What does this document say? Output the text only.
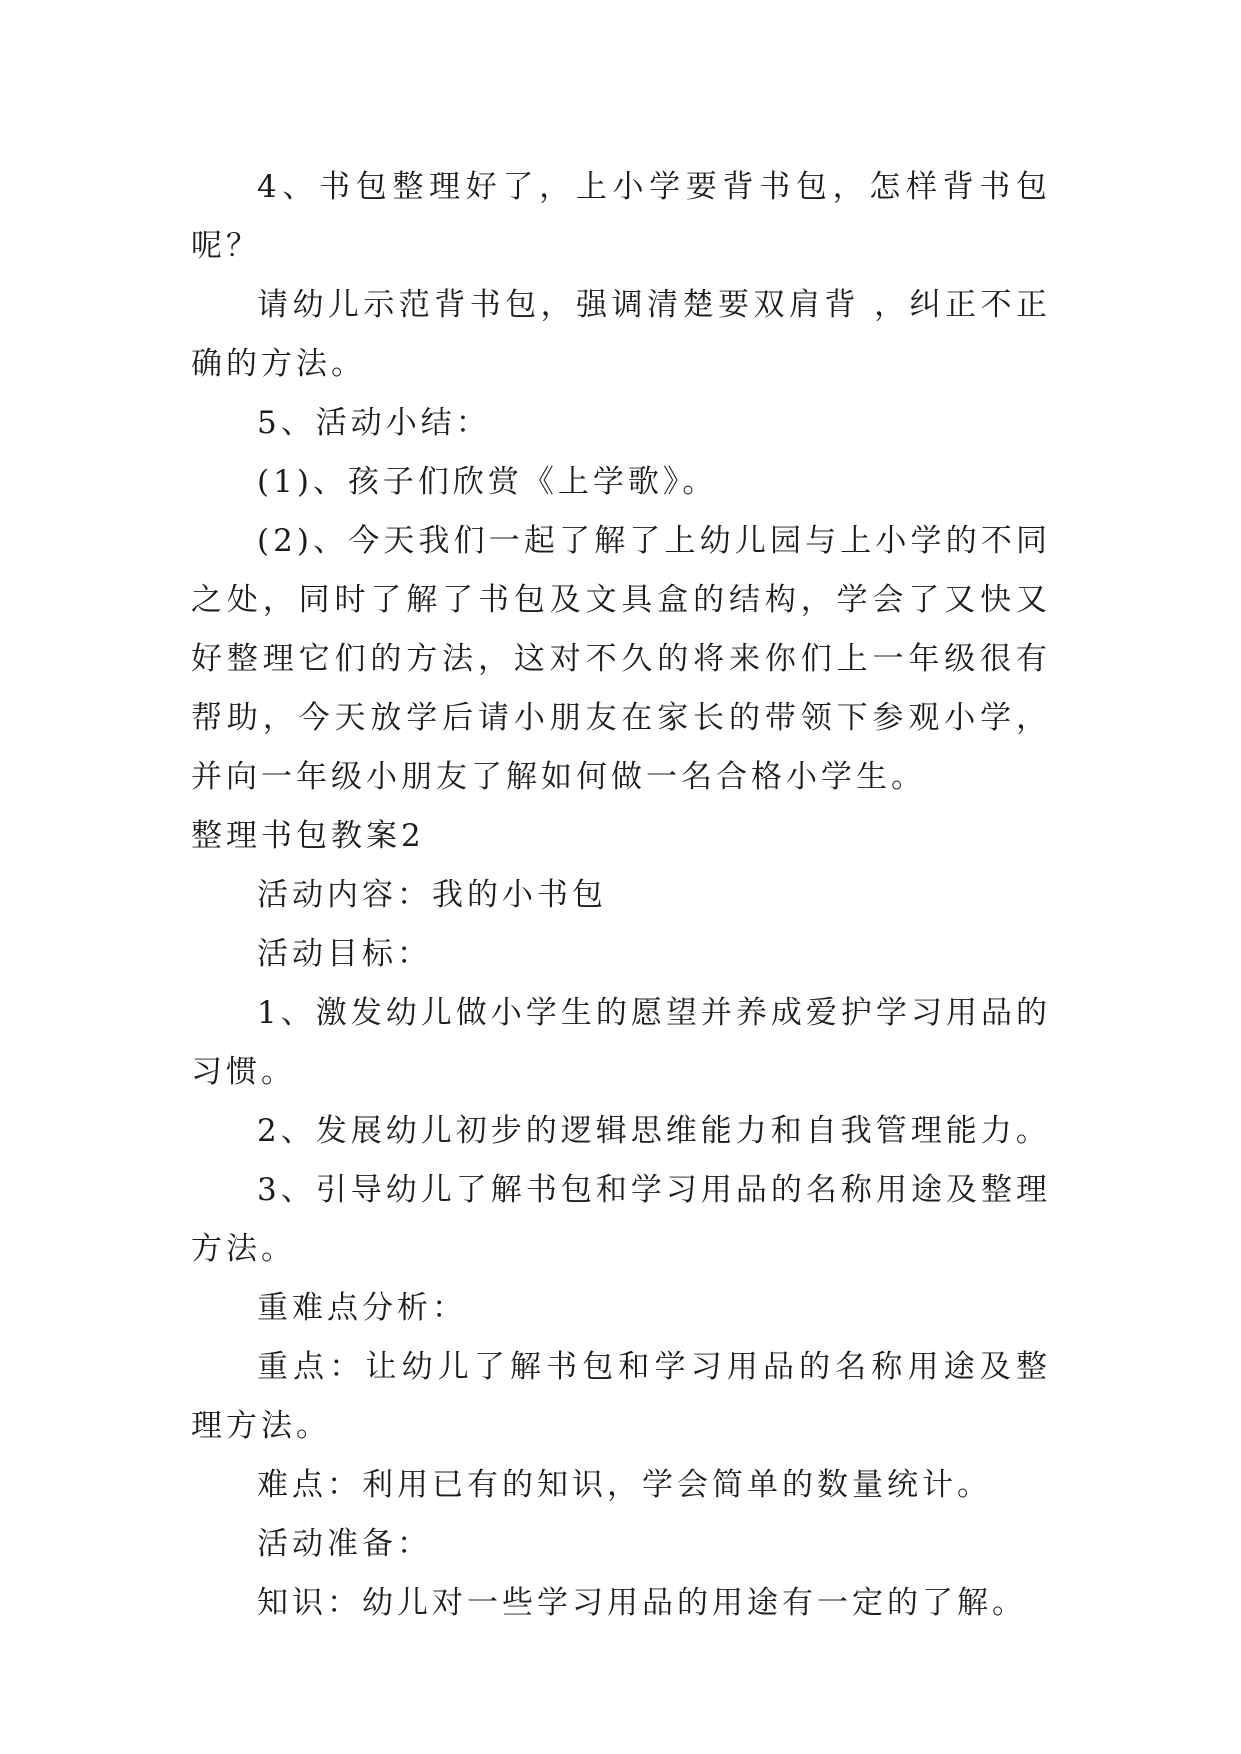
4、书包整理好了，上小学要背书包，怎样背书包呢？

请幼儿示范背书包，强调清楚要双肩背 ，纠正不正确的方法。

5、活动小结：

(1)、孩子们欣赏《上学歌》。

(2)、今天我们一起了解了上幼儿园与上小学的不同之处，同时了解了书包及文具盒的结构，学会了又快又好整理它们的方法，这对不久的将来你们上一年级很有帮助，今天放学后请小朋友在家长的带领下参观小学，并向一年级小朋友了解如何做一名合格小学生。

整理书包教案2

活动内容：我的小书包

活动目标：

1、激发幼儿做小学生的愿望并养成爱护学习用品的习惯。

2、发展幼儿初步的逻辑思维能力和自我管理能力。

3、引导幼儿了解书包和学习用品的名称用途及整理方法。

重难点分析：

重点：让幼儿了解书包和学习用品的名称用途及整理方法。

难点：利用已有的知识，学会简单的数量统计。

活动准备：

知识：幼儿对一些学习用品的用途有一定的了解。
